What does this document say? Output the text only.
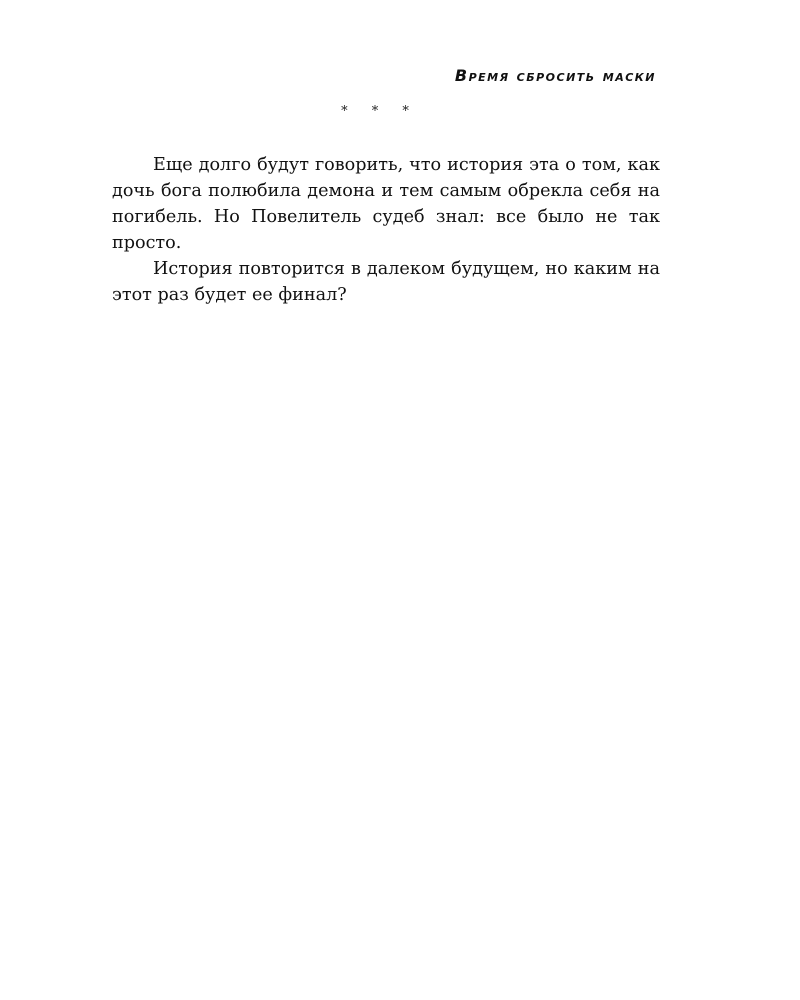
Время сбросить маски
* * *

Еще долго будут говорить, что история эта о том, как дочь бога полюбила демона и тем самым обрекла себя на погибель. Но Повелитель судеб знал: все было не так просто.

История повторится в далеком будущем, но каким на этот раз будет ее финал?
